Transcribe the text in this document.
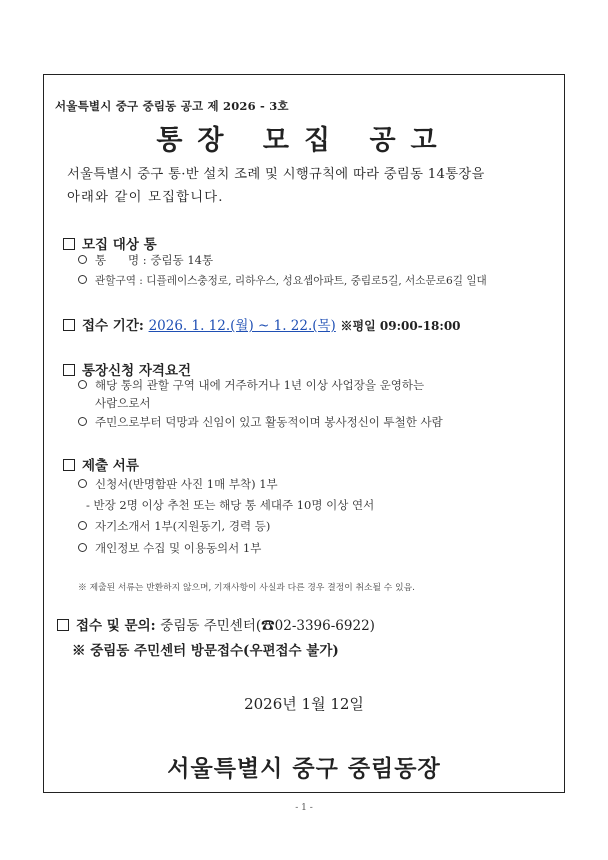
서울특별시 중구 중림동 공고 제 2026 - 3호
통장 모집 공고
서울특별시 중구 통·반 설치 조례 및 시행규칙에 따라 중림동 14통장을
아래와 같이 모집합니다.
모집 대상 통
통      명 : 중림동 14통
관할구역 : 디플레이스충정로, 리하우스, 성요셉아파트, 중림로5길, 서소문로6길 일대
접수 기간: 2026. 1. 12.(월) ~ 1. 22.(목) ※평일 09:00-18:00
통장신청 자격요건
해당 통의 관할 구역 내에 거주하거나 1년 이상 사업장을 운영하는
사람으로서
주민으로부터 덕망과 신임이 있고 활동적이며 봉사정신이 투철한 사람
제출 서류
신청서(반명함판 사진 1매 부착) 1부
- 반장 2명 이상 추천 또는 해당 통 세대주 10명 이상 연서
자기소개서 1부(지원동기, 경력 등)
개인정보 수집 및 이용동의서 1부
※ 제출된 서류는 반환하지 않으며, 기재사항이 사실과 다른 경우 결정이 취소될 수 있음.
접수 및 문의: 중림동 주민센터(☎02-3396-6922)
※ 중림동 주민센터 방문접수(우편접수 불가)
2026년 1월 12일
서울특별시 중구 중림동장
- 1 -
